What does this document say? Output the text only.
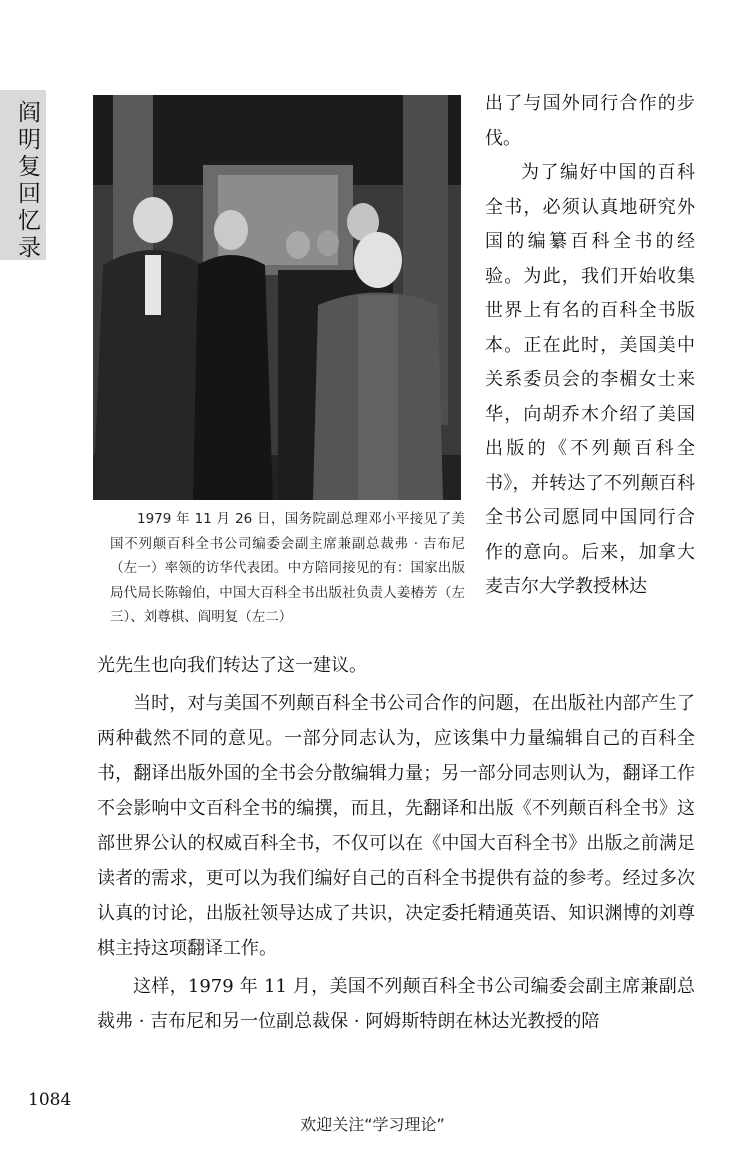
阎明复回忆录

1979 年 11 月 26 日，国务院副总理邓小平接见了美国不列颠百科全书公司编委会副主席兼副总裁弗 · 吉布尼（左一）率领的访华代表团。中方陪同接见的有：国家出版局代局长陈翰伯，中国大百科全书出版社负责人姜椿芳（左三）、刘尊棋、阎明复（左二）

出了与国外同行合作的步伐。

为了编好中国的百科全书，必须认真地研究外国的编纂百科全书的经验。为此，我们开始收集世界上有名的百科全书版本。正在此时，美国美中关系委员会的李楣女士来华，向胡乔木介绍了美国出版的《不列颠百科全书》，并转达了不列颠百科全书公司愿同中国同行合作的意向。后来，加拿大麦吉尔大学教授林达

光先生也向我们转达了这一建议。

当时，对与美国不列颠百科全书公司合作的问题，在出版社内部产生了两种截然不同的意见。一部分同志认为，应该集中力量编辑自己的百科全书，翻译出版外国的全书会分散编辑力量；另一部分同志则认为，翻译工作不会影响中文百科全书的编撰，而且，先翻译和出版《不列颠百科全书》这部世界公认的权威百科全书，不仅可以在《中国大百科全书》出版之前满足读者的需求，更可以为我们编好自己的百科全书提供有益的参考。经过多次认真的讨论，出版社领导达成了共识，决定委托精通英语、知识渊博的刘尊棋主持这项翻译工作。

这样，1979 年 11 月，美国不列颠百科全书公司编委会副主席兼副总裁弗 · 吉布尼和另一位副总裁保 · 阿姆斯特朗在林达光教授的陪

1084
欢迎关注“学习理论”
